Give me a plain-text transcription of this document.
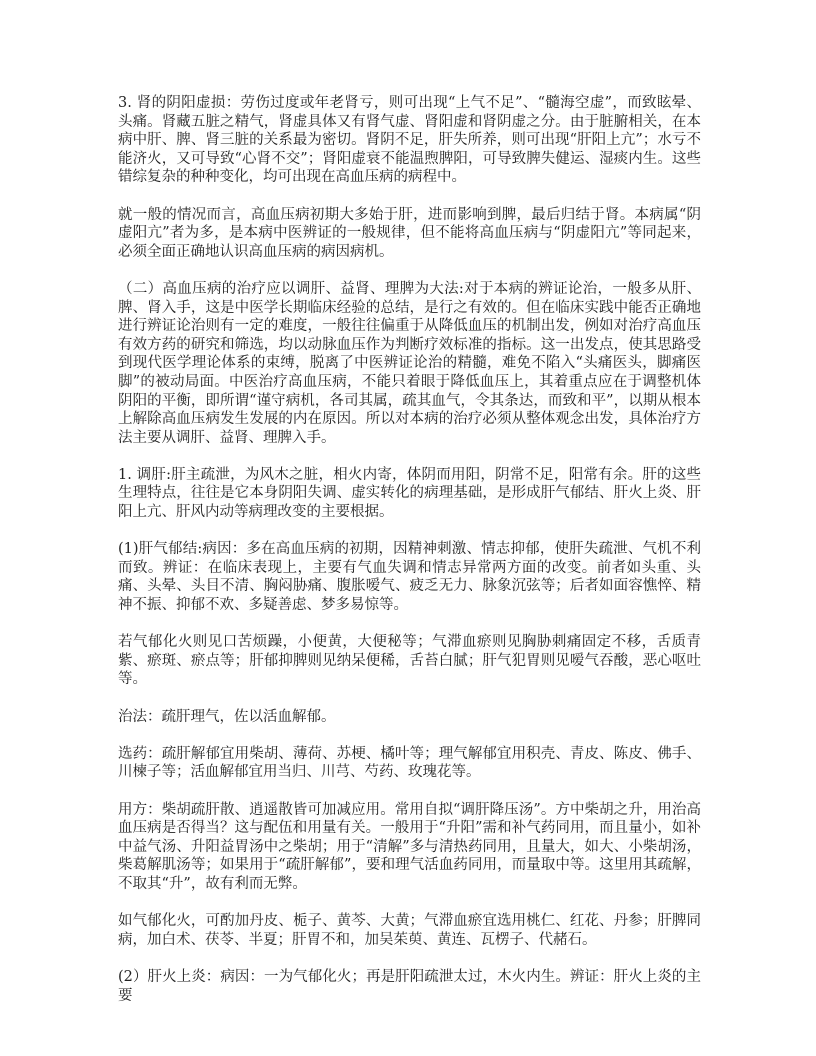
3. 肾的阴阳虚损：劳伤过度或年老肾亏，则可出现“上气不足”、“髓海空虚”，而致眩晕、头痛。肾藏五脏之精气，肾虚具体又有肾气虚、肾阳虚和肾阴虚之分。由于脏腑相关，在本病中肝、脾、肾三脏的关系最为密切。肾阴不足，肝失所养，则可出现“肝阳上亢”；水亏不能济火，又可导致“心肾不交”；肾阳虚衰不能温煦脾阳，可导致脾失健运、湿痰内生。这些错综复杂的种种变化，均可出现在高血压病的病程中。

就一般的情况而言，高血压病初期大多始于肝，进而影响到脾，最后归结于肾。本病属“阴虚阳亢”者为多，是本病中医辨证的一般规律，但不能将高血压病与“阴虚阳亢”等同起来，必须全面正确地认识高血压病的病因病机。

（二）高血压病的治疗应以调肝、益肾、理脾为大法:对于本病的辨证论治，一般多从肝、脾、肾入手，这是中医学长期临床经验的总结，是行之有效的。但在临床实践中能否正确地进行辨证论治则有一定的难度，一般往往偏重于从降低血压的机制出发，例如对治疗高血压有效方药的研究和筛选，均以动脉血压作为判断疗效标准的指标。这一出发点，使其思路受到现代医学理论体系的束缚，脱离了中医辨证论治的精髓，难免不陷入“头痛医头，脚痛医脚”的被动局面。中医治疗高血压病，不能只着眼于降低血压上，其着重点应在于调整机体阴阳的平衡，即所谓“谨守病机，各司其属，疏其血气，令其条达，而致和平”，以期从根本上解除高血压病发生发展的内在原因。所以对本病的治疗必须从整体观念出发，具体治疗方法主要从调肝、益肾、理脾入手。

1. 调肝:肝主疏泄，为风木之脏，相火内寄，体阴而用阳，阴常不足，阳常有余。肝的这些生理特点，往往是它本身阴阳失调、虚实转化的病理基础，是形成肝气郁结、肝火上炎、肝阳上亢、肝风内动等病理改变的主要根据。

(1)肝气郁结:病因：多在高血压病的初期，因精神刺激、情志抑郁，使肝失疏泄、气机不利而致。辨证：在临床表现上，主要有气血失调和情志异常两方面的改变。前者如头重、头痛、头晕、头目不清、胸闷胁痛、腹胀嗳气、疲乏无力、脉象沉弦等；后者如面容憔悴、精神不振、抑郁不欢、多疑善虑、梦多易惊等。

若气郁化火则见口苦烦躁，小便黄，大便秘等；气滞血瘀则见胸胁刺痛固定不移，舌质青紫、瘀斑、瘀点等；肝郁抑脾则见纳呆便稀，舌苔白腻；肝气犯胃则见嗳气吞酸，恶心呕吐等。

治法：疏肝理气，佐以活血解郁。

选药：疏肝解郁宜用柴胡、薄荷、苏梗、橘叶等；理气解郁宜用积壳、青皮、陈皮、佛手、川楝子等；活血解郁宜用当归、川芎、芍药、玫瑰花等。

用方：柴胡疏肝散、逍遥散皆可加减应用。常用自拟“调肝降压汤”。方中柴胡之升，用治高血压病是否得当？这与配伍和用量有关。一般用于“升阳”需和补气药同用，而且量小，如补中益气汤、升阳益胃汤中之柴胡；用于“清解”多与清热药同用，且量大，如大、小柴胡汤，柴葛解肌汤等；如果用于“疏肝解郁”，要和理气活血药同用，而量取中等。这里用其疏解，不取其“升”，故有利而无弊。

如气郁化火，可酌加丹皮、栀子、黄芩、大黄；气滞血瘀宜选用桃仁、红花、丹参；肝脾同病，加白术、茯苓、半夏；肝胃不和，加吴茱萸、黄连、瓦楞子、代赭石。

(2）肝火上炎：病因：一为气郁化火；再是肝阳疏泄太过，木火内生。辨证：肝火上炎的主要
